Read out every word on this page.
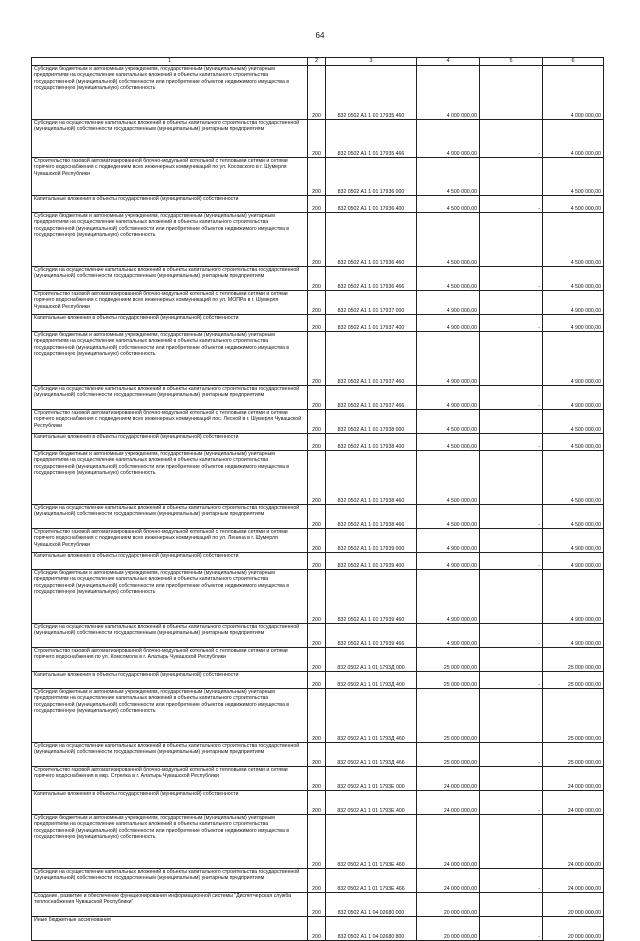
64
1	2	3	4	5	6
Субсидии бюджетным и автономным учреждениям, государственным (муниципальным) унитарным предприятиям на осуществление капитальных вложений в объекты капитального строительства государственной (муниципальной) собственности или приобретение объектов недвижимого имущества в государственную (муниципальную) собственность	200	832 0502 A1 1 01 17935 460	4 000 000,00		4 000 000,00
Субсидии на осуществление капитальных вложений в объекты капитального строительства государственной (муниципальной) собственности государственным (муниципальным) унитарным предприятиям	200	832 0502 A1 1 01 17935 466	4 000 000,00	-	4 000 000,00
Строительство газовой автоматизированной блочно-модульной котельной с тепловыми сетями и сетями горячего водоснабжения с подведением всех инженерных коммуникаций по ул. Косовского в г. Шумерля Чувашской Республики	200	832 0502 A1 1 01 17936 000	4 500 000,00		4 500 000,00
Капитальные вложения в объекты государственной (муниципальной) собственности	200	832 0502 A1 1 01 17936 400	4 500 000,00	-	4 500 000,00
Субсидии бюджетным и автономным учреждениям, государственным (муниципальным) унитарным предприятиям на осуществление капитальных вложений в объекты капитального строительства государственной (муниципальной) собственности или приобретение объектов недвижимого имущества в государственную (муниципальную) собственность	200	832 0502 A1 1 01 17936 460	4 500 000,00		4 500 000,00
Субсидии на осуществление капитальных вложений в объекты капитального строительства государственной (муниципальной) собственности государственным (муниципальным) унитарным предприятиям	200	832 0502 A1 1 01 17936 466	4 500 000,00	-	4 500 000,00
Строительство газовой автоматизированной блочно-модульной котельной с тепловыми сетями и сетями горячего водоснабжения с подведением всех инженерных коммуникаций по ул. МОПРа в г. Шумерля Чувашской Республики	200	832 0502 A1 1 01 17937 000	4 900 000,00		4 900 000,00
Капитальные вложения в объекты государственной (муниципальной) собственности	200	832 0502 A1 1 01 17937 400	4 900 000,00	-	4 900 000,00
Субсидии бюджетным и автономным учреждениям, государственным (муниципальным) унитарным предприятиям на осуществление капитальных вложений в объекты капитального строительства государственной (муниципальной) собственности или приобретение объектов недвижимого имущества в государственную (муниципальную) собственность	200	832 0502 A1 1 01 17937 460	4 900 000,00		4 900 000,00
Субсидии на осуществление капитальных вложений в объекты капитального строительства государственной (муниципальной) собственности государственным (муниципальным) унитарным предприятиям	200	832 0502 A1 1 01 17937 466	4 900 000,00	-	4 900 000,00
Строительство газовой автоматизированной блочно-модульной котельной с тепловыми сетями и сетями горячего водоснабжения с подведением всех инженерных коммуникаций пос. Лесной в г. Шумерля Чувашской Республики	200	832 0502 A1 1 01 17938 000	4 500 000,00		4 500 000,00
Капитальные вложения в объекты государственной (муниципальной) собственности	200	832 0502 A1 1 01 17938 400	4 500 000,00	-	4 500 000,00
Субсидии бюджетным и автономным учреждениям, государственным (муниципальным) унитарным предприятиям на осуществление капитальных вложений в объекты капитального строительства государственной (муниципальной) собственности или приобретение объектов недвижимого имущества в государственную (муниципальную) собственность	200	832 0502 A1 1 01 17938 460	4 500 000,00		4 500 000,00
Субсидии на осуществление капитальных вложений в объекты капитального строительства государственной (муниципальной) собственности государственным (муниципальным) унитарным предприятиям	200	832 0502 A1 1 01 17938 466	4 500 000,00	-	4 500 000,00
Строительство газовой автоматизированной блочно-модульной котельной с тепловыми сетями и сетями горячего водоснабжения с подведением всех инженерных коммуникаций по ул. Ленина в г. Шумерля Чувашской Республики	200	832 0502 A1 1 01 17939 000	4 900 000,00		4 900 000,00
Капитальные вложения в объекты государственной (муниципальной) собственности	200	832 0502 A1 1 01 17939 400	4 900 000,00	-	4 900 000,00
Субсидии бюджетным и автономным учреждениям, государственным (муниципальным) унитарным предприятиям на осуществление капитальных вложений в объекты капитального строительства государственной (муниципальной) собственности или приобретение объектов недвижимого имущества в государственную (муниципальную) собственность	200	832 0502 A1 1 01 17939 460	4 900 000,00		4 900 000,00
Субсидии на осуществление капитальных вложений в объекты капитального строительства государственной (муниципальной) собственности государственным (муниципальным) унитарным предприятиям	200	832 0502 A1 1 01 17939 466	4 900 000,00	-	4 900 000,00
Строительство газовой автоматизированной блочно-модульной котельной с тепловыми сетями и сетями горячего водоснабжения по ул. Комсомола в г. Алатырь Чувашской Республики	200	832 0502 A1 1 01 1793Д 000	25 000 000,00		25 000 000,00
Капитальные вложения в объекты государственной (муниципальной) собственности	200	832 0502 A1 1 01 1793Д 400	25 000 000,00	-	25 000 000,00
Субсидии бюджетным и автономным учреждениям, государственным (муниципальным) унитарным предприятиям на осуществление капитальных вложений в объекты капитального строительства государственной (муниципальной) собственности или приобретение объектов недвижимого имущества в государственную (муниципальную) собственность	200	832 0502 A1 1 01 1793Д 460	25 000 000,00		25 000 000,00
Субсидии на осуществление капитальных вложений в объекты капитального строительства государственной (муниципальной) собственности государственным (муниципальным) унитарным предприятиям	200	832 0502 A1 1 01 1793Д 466	25 000 000,00	-	25 000 000,00
Строительство газовой автоматизированной блочно-модульной котельной с тепловыми сетями и сетями горячего водоснабжения в мкр. Стрелка в г. Алатырь Чувашской Республики	200	832 0502 A1 1 01 1793Е 000	24 000 000,00		24 000 000,00
Капитальные вложения в объекты государственной (муниципальной) собственности	200	832 0502 A1 1 01 1793Е 400	24 000 000,00	-	24 000 000,00
Субсидии бюджетным и автономным учреждениям, государственным (муниципальным) унитарным предприятиям на осуществление капитальных вложений в объекты капитального строительства государственной (муниципальной) собственности или приобретение объектов недвижимого имущества в государственную (муниципальную) собственность	200	832 0502 A1 1 01 1793Е 460	24 000 000,00		24 000 000,00
Субсидии на осуществление капитальных вложений в объекты капитального строительства государственной (муниципальной) собственности государственным (муниципальным) унитарным предприятиям	200	832 0502 A1 1 01 1793Е 466	24 000 000,00	-	24 000 000,00
Создание, развитие и обеспечение функционирования информационной системы "Диспетчерская служба теплоснабжения Чувашской Республики"	200	832 0502 A1 1 04 02680 000	20 000 000,00		20 000 000,00
Иные бюджетные ассигнования	200	832 0502 A1 1 04 02680 800	20 000 000,00	-	20 000 000,00
